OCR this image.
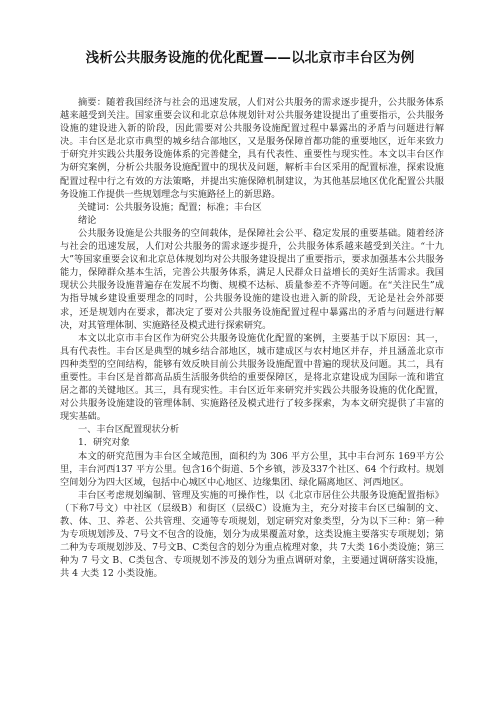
浅析公共服务设施的优化配置——以北京市丰台区为例

摘要：随着我国经济与社会的迅速发展，人们对公共服务的需求逐步提升，公共服务体系越来越受到关注。国家重要会议和北京总体规划针对公共服务建设提出了重要指示，公共服务设施的建设进入新的阶段，因此需要对公共服务设施配置过程中暴露出的矛盾与问题进行解决。丰台区是北京市典型的城乡结合部地区，又是服务保障首都功能的重要地区，近年来致力于研究并实践公共服务设施体系的完善健全，具有代表性、重要性与现实性。本文以丰台区作为研究案例，分析公共服务设施配置中的现状及问题，解析丰台区采用的配置标准，探索设施配置过程中行之有效的方法策略，并提出实施保障机制建议，为其他基层地区优化配置公共服务设施工作提供一些规划理念与实施路径上的新思路。

关键词：公共服务设施；配置；标准；丰台区

绪论

公共服务设施是公共服务的空间载体，是保障社会公平、稳定发展的重要基础。随着经济与社会的迅速发展，人们对公共服务的需求逐步提升，公共服务体系越来越受到关注。“十九大”等国家重要会议和北京总体规划均对公共服务建设提出了重要指示，要求加强基本公共服务能力，保障群众基本生活，完善公共服务体系，满足人民群众日益增长的美好生活需求。我国现状公共服务设施普遍存在发展不均衡、规模不达标、质量参差不齐等问题。在“关注民生”成为指导城乡建设重要理念的同时，公共服务设施的建设也进入新的阶段，无论是社会外部要求，还是规划内在要求，都决定了要对公共服务设施配置过程中暴露出的矛盾与问题进行解决，对其管理体制、实施路径及模式进行探索研究。

本文以北京市丰台区作为研究公共服务设施优化配置的案例，主要基于以下原因：其一，具有代表性。丰台区是典型的城乡结合部地区，城市建成区与农村地区并存，并且涵盖北京市四种类型的空间结构，能够有效反映目前公共服务设施配置中普遍的现状及问题。其二，具有重要性。丰台区是首都高品质生活服务供给的重要保障区，是将北京建设成为国际一流和谐宜居之都的关键地区。其三，具有现实性。丰台区近年来研究并实践公共服务设施的优化配置，对公共服务设施建设的管理体制、实施路径及模式进行了较多探索，为本文研究提供了丰富的现实基础。

一、丰台区配置现状分析

1．研究对象

本文的研究范围为丰台区全域范围，面积约为 306 平方公里，其中丰台河东 169平方公里，丰台河西137 平方公里。包含16个街道、5个乡镇，涉及337个社区、64 个行政村。规划空间划分为四大区域，包括中心城区中心地区、边缘集团、绿化隔离地区、河西地区。

丰台区考虑规划编制、管理及实施的可操作性，以《北京市居住公共服务设施配置指标》（下称7号文）中社区（层级B）和街区（层级C）设施为主，充分对接丰台区已编制的文、教、体、卫、养老、公共管理、交通等专项规划，划定研究对象类型，分为以下三种：第一种为专项规划涉及、7号文不包含的设施，划分为成果覆盖对象，这类设施主要落实专项规划；第二种为专项规划涉及、7号文B、C类包含的划分为重点梳理对象，共 7大类 16小类设施；第三种为 7 号文 B、C类包含、专项规划不涉及的划分为重点调研对象，主要通过调研落实设施，共 4 大类 12 小类设施。
